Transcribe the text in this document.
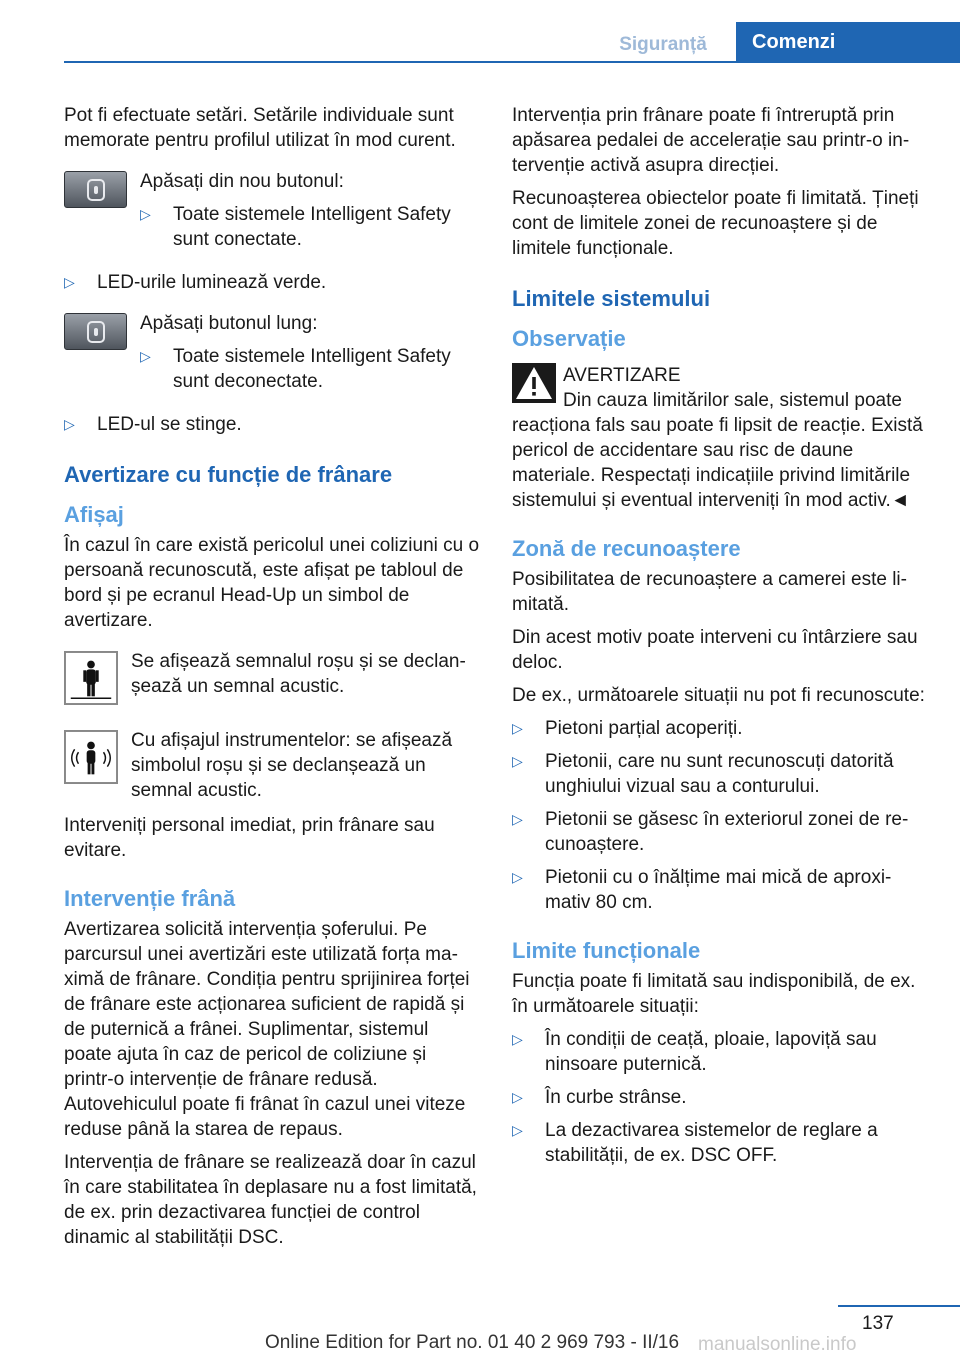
Siguranță	Comenzi

Pot fi efectuate setări. Setările individuale sunt memorate pentru profilul utilizat în mod curent.

Apăsați din nou butonul:

▷	Toate sistemele Intelligent Safety sunt conectate.
▷	LED-urile luminează verde.

Apăsați butonul lung:

▷	Toate sistemele Intelligent Safety sunt deconectate.
▷	LED-ul se stinge.
Avertizare cu funcție de frânare
Afișaj

În cazul în care există pericolul unei coliziuni cu o persoană recunoscută, este afișat pe tabloul de bord și pe ecranul Head-Up un simbol de avertizare.

Se afișează semnalul roșu și se declanșează un semnal acustic.
Cu afișajul instrumentelor: se afișează simbolul roșu și se declanșează un semnal acustic.

Interveniți personal imediat, prin frânare sau evitare.

Intervenție frână

Avertizarea solicită intervenția șoferului. Pe parcursul unei avertizări este utilizată forța maximă de frânare. Condiția pentru sprijinirea forței de frânare este acționarea suficient de rapidă și de puternică a frânei. Suplimentar, sistemul poate ajuta în caz de pericol de coliziune și printr-o intervenție de frânare redusă. Autovehiculul poate fi frânat în cazul unei viteze reduse până la starea de repaus.

Intervenția de frânare se realizează doar în cazul în care stabilitatea în deplasare nu a fost limitată, de ex. prin dezactivarea funcției de control dinamic al stabilității DSC.

Intervenția prin frânare poate fi întreruptă prin apăsarea pedalei de accelerație sau printr-o intervenție activă asupra direcției.

Recunoașterea obiectelor poate fi limitată. Țineți cont de limitele zonei de recunoaștere și de limitele funcționale.

Limitele sistemului
Observație
AVERTIZARE
Din cauza limitărilor sale, sistemul poate

reacționa fals sau poate fi lipsit de reacție. Există pericol de accidentare sau risc de daune materiale. Respectați indicațiile privind limitările sistemului și eventual interveniți în mod activ.◄

Zonă de recunoaștere

Posibilitatea de recunoaștere a camerei este limitată.

Din acest motiv poate interveni cu întârziere sau deloc.

De ex., următoarele situații nu pot fi recunoscute:

▷	Pietoni parțial acoperiți.
▷	Pietonii, care nu sunt recunoscuți datorită unghiului vizual sau a conturului.
▷	Pietonii se găsesc în exteriorul zonei de recunoaștere.
▷	Pietonii cu o înălțime mai mică de aproximativ 80 cm.
Limite funcționale

Funcția poate fi limitată sau indisponibilă, de ex. în următoarele situații:

▷	În condiții de ceață, ploaie, lapoviță sau ninsoare puternică.
▷	În curbe strânse.
▷	La dezactivarea sistemelor de reglare a stabilității, de ex. DSC OFF.
137
Online Edition for Part no. 01 40 2 969 793 - II/16 manualsonline.info
